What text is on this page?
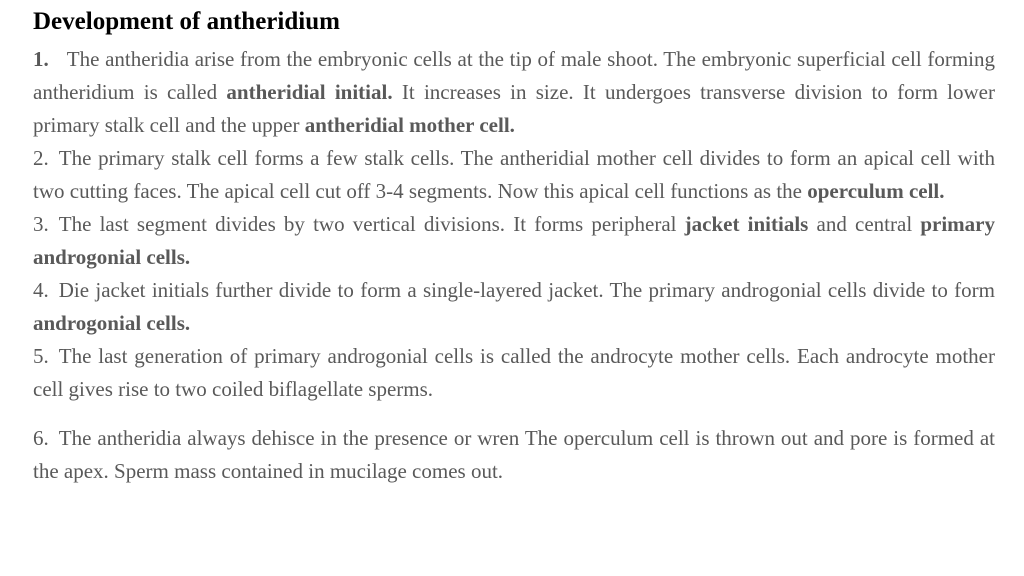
Development of antheridium

1. The antheridia arise from the embryonic cells at the tip of male shoot. The embryonic superficial cell forming antheridium is called antheridial initial. It increases in size. It undergoes transverse division to form lower primary stalk cell and the upper antheridial mother cell.

2. The primary stalk cell forms a few stalk cells. The antheridial mother cell divides to form an apical cell with two cutting faces. The apical cell cut off 3-4 segments. Now this apical cell functions as the operculum cell.

3. The last segment divides by two vertical divisions. It forms peripheral jacket initials and central primary androgonial cells.

4. Die jacket initials further divide to form a single-layered jacket. The primary androgonial cells divide to form androgonial cells.

5. The last generation of primary androgonial cells is called the androcyte mother cells. Each androcyte mother cell gives rise to two coiled biflagellate sperms.

6. The antheridia always dehisce in the presence or wren The operculum cell is thrown out and pore is formed at the apex. Sperm mass contained in mucilage comes out.
